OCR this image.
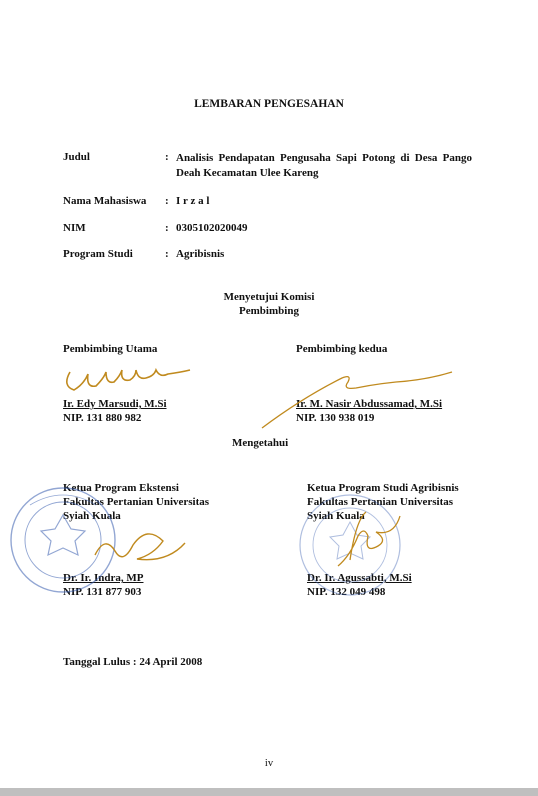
LEMBARAN PENGESAHAN
Judul	: Analisis Pendapatan Pengusaha Sapi Potong di Desa Pango Deah Kecamatan Ulee Kareng
Nama Mahasiswa : I r z a l
NIM	: 0305102020049
Program Studi	: Agribisnis
Menyetujui Komisi
Pembimbing
Pembimbing Utama	Pembimbing kedua
Ir. Edy Marsudi, M.Si
NIP. 131 880 982
Ir. M. Nasir Abdussamad, M.Si
NIP. 130 938 019
Mengetahui
Ketua Program Ekstensi
Fakultas Pertanian Universitas
Syiah Kuala
Ketua Program Studi Agribisnis
Fakultas Pertanian Universitas
Syiah Kuala
Dr. Ir. Indra, MP
NIP. 131 877 903
Dr. Ir. Agussabti, M.Si
NIP. 132 049 498
Tanggal Lulus : 24 April 2008
iv
